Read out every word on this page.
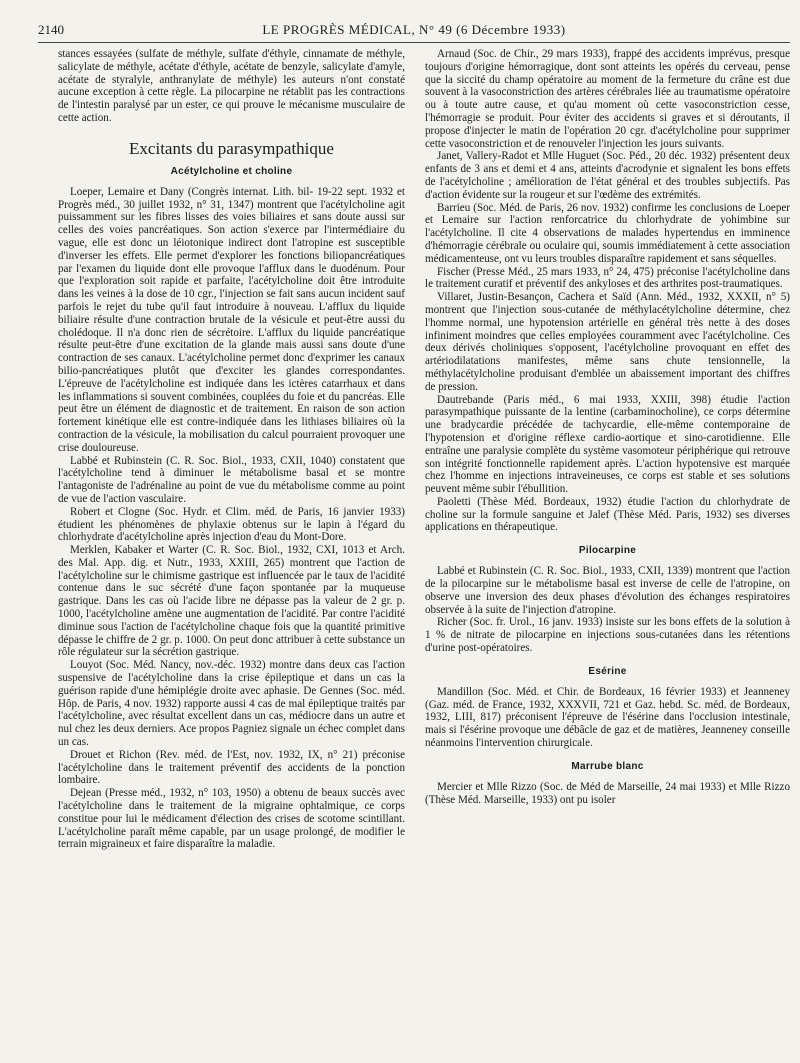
2140	LE PROGRÈS MÉDICAL, N° 49 (6 Décembre 1933)

stances essayées (sulfate de méthyle, sulfate d'éthyle, cinnamate de méthyle, salicylate de méthyle, acétate d'éthyle, acétate de benzyle, salicylate d'amyle, acétate de styralyle, anthranylate de méthyle) les auteurs n'ont constaté aucune exception à cette règle. La pilocarpine ne rétablit pas les contractions de l'intestin paralysé par un ester, ce qui prouve le mécanisme musculaire de cette action.

Excitants du parasympathique
Acétylcholine et choline

Loeper, Lemaire et Dany (Congrès internat. Lith. bil- 19-22 sept. 1932 et Progrès méd., 30 juillet 1932, n° 31, 1347) montrent que l'acétylcholine agit puissamment sur les fibres lisses des voies biliaires et sans doute aussi sur celles des voies pancréatiques. Son action s'exerce par l'intermédiaire du vague, elle est donc un léiotonique indirect dont l'atropine est susceptible d'inverser les effets. Elle permet d'explorer les fonctions biliopancréatiques par l'examen du liquide dont elle provoque l'afflux dans le duodénum. Pour que l'exploration soit rapide et parfaite, l'acétylcholine doit être introduite dans les veines à la dose de 10 cgr., l'injection se fait sans aucun incident sauf parfois le rejet du tube qu'il faut introduire à nouveau. L'afflux du liquide biliaire résulte d'une contraction brutale de la vésicule et peut-être aussi du cholédoque. Il n'a donc rien de sécrétoire. L'afflux du liquide pancréatique résulte peut-être d'une excitation de la glande mais aussi sans doute d'une contraction de ses canaux. L'acétylcholine permet donc d'exprimer les canaux bilio-pancréatiques plutôt que d'exciter les glandes correspondantes. L'épreuve de l'acétylcholine est indiquée dans les ictères catarrhaux et dans les inflammations si souvent combinées, couplées du foie et du pancréas. Elle peut être un élément de diagnostic et de traitement. En raison de son action fortement kinétique elle est contre-indiquée dans les lithiases biliaires où la contraction de la vésicule, la mobilisation du calcul pourraient provoquer une crise douloureuse.

Labbé et Rubinstein (C. R. Soc. Biol., 1933, CXII, 1040) constatent que l'acétylcholine tend à diminuer le métabolisme basal et se montre l'antagoniste de l'adrénaline au point de vue du métabolisme comme au point de vue de l'action vasculaire.

Robert et Clogne (Soc. Hydr. et Clim. méd. de Paris, 16 janvier 1933) étudient les phénomènes de phylaxie obtenus sur le lapin à l'égard du chlorhydrate d'acétylcholine après injection d'eau du Mont-Dore.

Merklen, Kabaker et Warter (C. R. Soc. Biol., 1932, CXI, 1013 et Arch. des Mal. App. dig. et Nutr., 1933, XXIII, 265) montrent que l'action de l'acétylcholine sur le chimisme gastrique est influencée par le taux de l'acidité contenue dans le suc sécrété d'une façon spontanée par la muqueuse gastrique. Dans les cas où l'acide libre ne dépasse pas la valeur de 2 gr. p. 1000, l'acétylcholine amène une augmentation de l'acidité. Par contre l'acidité diminue sous l'action de l'acétylcholine chaque fois que la quantité primitive dépasse le chiffre de 2 gr. p. 1000. On peut donc attribuer à cette substance un rôle régulateur sur la sécrétion gastrique.

Louyot (Soc. Méd. Nancy, nov.-déc. 1932) montre dans deux cas l'action suspensive de l'acétylcholine dans la crise épileptique et dans un cas la guérison rapide d'une hémiplégie droite avec aphasie. De Gennes (Soc. méd. Hôp. de Paris, 4 nov. 1932) rapporte aussi 4 cas de mal épileptique traités par l'acétylcholine, avec résultat excellent dans un cas, médiocre dans un autre et nul chez les deux derniers. Ace propos Pagniez signale un échec complet dans un cas.

Drouet et Richon (Rev. méd. de l'Est, nov. 1932, IX, n° 21) préconise l'acétylcholine dans le traitement préventif des accidents de la ponction lombaire.

Dejean (Presse méd., 1932, n° 103, 1950) a obtenu de beaux succès avec l'acétylcholine dans le traitement de la migraine ophtalmique, ce corps constitue pour lui le médicament d'élection des crises de scotome scintillant. L'acétylcholine paraît même capable, par un usage prolongé, de modifier le terrain migraineux et faire disparaître la maladie.

Arnaud (Soc. de Chir., 29 mars 1933), frappé des accidents imprévus, presque toujours d'origine hémorragique, dont sont atteints les opérés du cerveau, pense que la siccité du champ opératoire au moment de la fermeture du crâne est due souvent à la vasoconstriction des artères cérébrales liée au traumatisme opératoire ou à toute autre cause, et qu'au moment où cette vasoconstriction cesse, l'hémorragie se produit. Pour éviter des accidents si graves et si déroutants, il propose d'injecter le matin de l'opération 20 cgr. d'acétylcholine pour supprimer cette vasoconstriction et de renouveler l'injection les jours suivants.

Janet, Vallery-Radot et Mlle Huguet (Soc. Péd., 20 déc. 1932) présentent deux enfants de 3 ans et demi et 4 ans, atteints d'acrodynie et signalent les bons effets de l'acétylcholine ; amélioration de l'état général et des troubles subjectifs. Pas d'action évidente sur la rougeur et sur l'œdème des extrémités.

Barrieu (Soc. Méd. de Paris, 26 nov. 1932) confirme les conclusions de Loeper et Lemaire sur l'action renforcatrice du chlorhydrate de yohimbine sur l'acétylcholine. Il cite 4 observations de malades hypertendus en imminence d'hémorragie cérébrale ou oculaire qui, soumis immédiatement à cette association médicamenteuse, ont vu leurs troubles disparaître rapidement et sans séquelles.

Fischer (Presse Méd., 25 mars 1933, n° 24, 475) préconise l'acétylcholine dans le traitement curatif et préventif des ankyloses et des arthrites post-traumatiques.

Villaret, Justin-Besançon, Cachera et Saïd (Ann. Méd., 1932, XXXII, n° 5) montrent que l'injection sous-cutanée de méthylacétylcholine détermine, chez l'homme normal, une hypotension artérielle en général très nette à des doses infiniment moindres que celles employées couramment avec l'acétylcholine. Ces deux dérivés choliniques s'opposent, l'acétylcholine provoquant en effet des artériodilatations manifestes, même sans chute tensionnelle, la méthylacétylcholine produisant d'emblée un abaissement important des chiffres de pression.

Dautrebande (Paris méd., 6 mai 1933, XXIII, 398) étudie l'action parasympathique puissante de la lentine (carbaminocholine), ce corps détermine une bradycardie précédée de tachycardie, elle-même contemporaine de l'hypotension et d'origine réflexe cardio-aortique et sino-carotidienne. Elle entraîne une paralysie complète du système vasomoteur périphérique qui retrouve son intégrité fonctionnelle rapidement après. L'action hypotensive est marquée chez l'homme en injections intraveineuses, ce corps est stable et ses solutions peuvent même subir l'ébullition.

Paoletti (Thèse Méd. Bordeaux, 1932) étudie l'action du chlorhydrate de choline sur la formule sanguine et Jalef (Thèse Méd. Paris, 1932) ses diverses applications en thérapeutique.

Pilocarpine

Labbé et Rubinstein (C. R. Soc. Biol., 1933, CXII, 1339) montrent que l'action de la pilocarpine sur le métabolisme basal est inverse de celle de l'atropine, on observe une inversion des deux phases d'évolution des échanges respiratoires observée à la suite de l'injection d'atropine.

Richer (Soc. fr. Urol., 16 janv. 1933) insiste sur les bons effets de la solution à 1 % de nitrate de pilocarpine en injections sous-cutanées dans les rétentions d'urine post-opératoires.

Esérine

Mandillon (Soc. Méd. et Chir. de Bordeaux, 16 février 1933) et Jeanneney (Gaz. méd. de France, 1932, XXXVII, 721 et Gaz. hebd. Sc. méd. de Bordeaux, 1932, LIII, 817) préconisent l'épreuve de l'ésérine dans l'occlusion intestinale, mais si l'ésérine provoque une débâcle de gaz et de matières, Jeanneney conseille néanmoins l'intervention chirurgicale.

Marrube blanc

Mercier et Mlle Rizzo (Soc. de Méd de Marseille, 24 mai 1933) et Mlle Rizzo (Thèse Méd. Marseille, 1933) ont pu isoler
